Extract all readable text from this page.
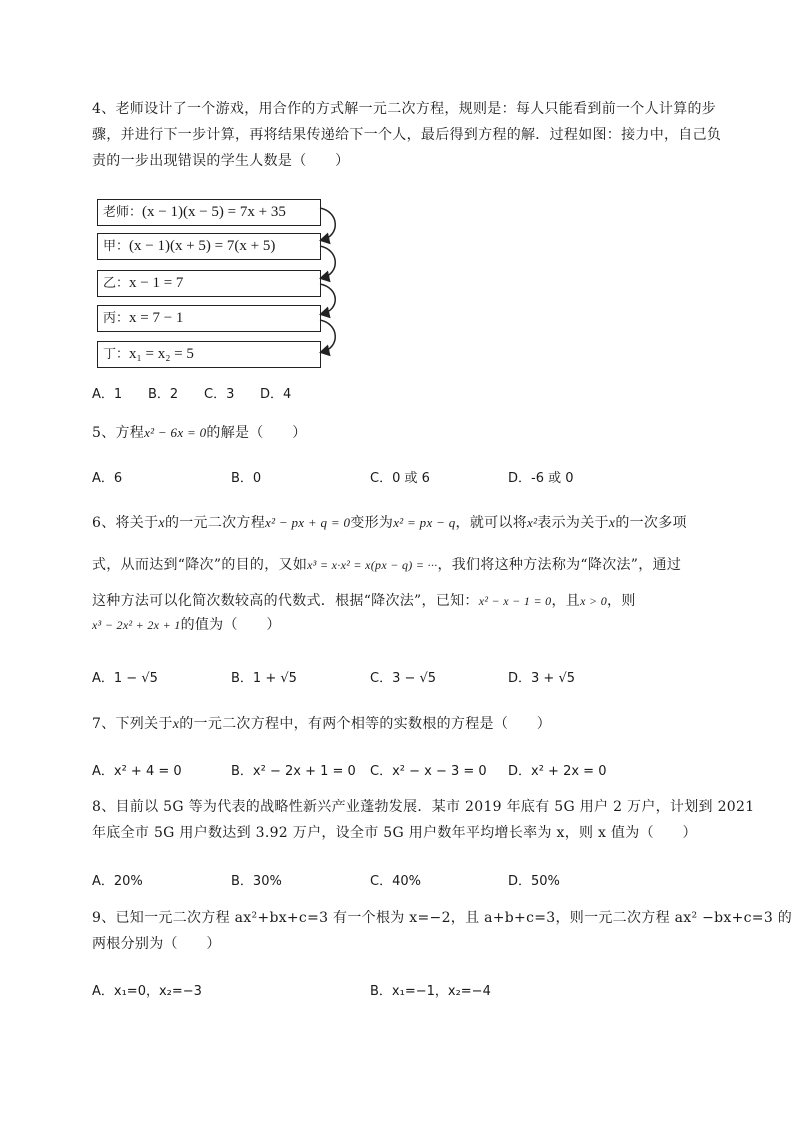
4、老师设计了一个游戏，用合作的方式解一元二次方程，规则是：每人只能看到前一个人计算的步
骤，并进行下一步计算，再将结果传递给下一个人，最后得到方程的解．过程如图：接力中，自己负
责的一步出现错误的学生人数是（　　）
老师：(x − 1)(x − 5) = 7x + 35
甲：(x − 1)(x + 5) = 7(x + 5)
乙：x − 1 = 7
丙：x = 7 − 1
丁：x₁ = x₂ = 5
A．1 B．2 C．3 D．4
5、方程x² − 6x = 0的解是（　　）
A．6	B．0	C．0 或 6	D．-6 或 0
6、将关于x的一元二次方程x² − px + q = 0变形为x² = px − q，就可以将x²表示为关于x的一次多项
式，从而达到“降次”的目的，又如x³ = x·x² = x(px − q) = ···，我们将这种方法称为“降次法”，通过
这种方法可以化简次数较高的代数式．根据“降次法”，已知：x² − x − 1 = 0，且x > 0，则
x³ − 2x² + 2x + 1的值为（　　）
A．1 − √5	B．1 + √5	C．3 − √5	D．3 + √5
7、下列关于x的一元二次方程中，有两个相等的实数根的方程是（　　）
A．x² + 4 = 0	B．x² − 2x + 1 = 0 C．x² − x − 3 = 0 D．x² + 2x = 0
8、目前以 5G 等为代表的战略性新兴产业蓬勃发展．某市 2019 年底有 5G 用户 2 万户，计划到 2021
年底全市 5G 用户数达到 3.92 万户，设全市 5G 用户数年平均增长率为 x，则 x 值为（　　）
A．20%	B．30%	C．40%	D．50%
9、已知一元二次方程 ax²+bx+c=3 有一个根为 x=−2，且 a+b+c=3，则一元二次方程 ax² −bx+c=3 的
两根分别为（　　）
A．x₁=0，x₂=−3	B．x₁=−1，x₂=−4
